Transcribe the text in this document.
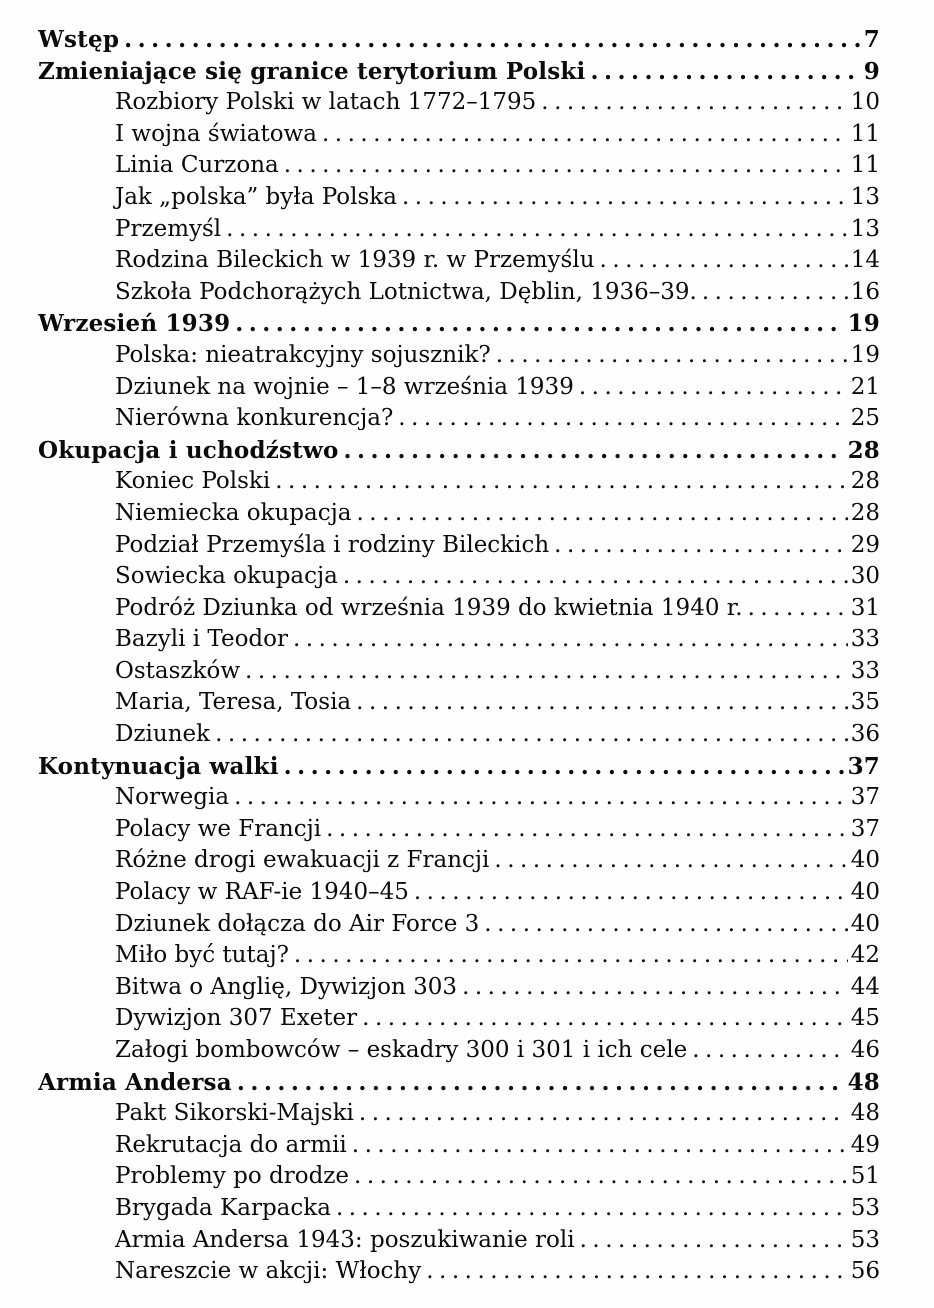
Wstęp .....	7
Zmieniające się granice terytorium Polski .....	9
Rozbiory Polski w latach 1772–1795 .....	10
I wojna światowa .....	11
Linia Curzona .....	11
Jak „polska” była Polska .....	13
Przemyśl .....	13
Rodzina Bileckich w 1939 r. w Przemyślu .....	14
Szkoła Podchorążych Lotnictwa, Dęblin, 1936–39. .....	16
Wrzesień 1939 .....	19
Polska: nieatrakcyjny sojusznik? .....	19
Dziunek na wojnie – 1–8 września 1939 .....	21
Nierówna konkurencja? .....	25
Okupacja i uchodźstwo .....	28
Koniec Polski .....	28
Niemiecka okupacja .....	28
Podział Przemyśla i rodziny Bileckich .....	29
Sowiecka okupacja .....	30
Podróż Dziunka od września 1939 do kwietnia 1940 r. .....	31
Bazyli i Teodor .....	33
Ostaszków .....	33
Maria, Teresa, Tosia .....	35
Dziunek .....	36
Kontynuacja walki .....	37
Norwegia .....	37
Polacy we Francji .....	37
Różne drogi ewakuacji z Francji .....	40
Polacy w RAF-ie 1940–45 .....	40
Dziunek dołącza do Air Force 3 .....	40
Miło być tutaj? .....	42
Bitwa o Anglię, Dywizjon 303 .....	44
Dywizjon 307 Exeter .....	45
Załogi bombowców – eskadry 300 i 301 i ich cele .....	46
Armia Andersa .....	48
Pakt Sikorski-Majski .....	48
Rekrutacja do armii .....	49
Problemy po drodze .....	51
Brygada Karpacka .....	53
Armia Andersa 1943: poszukiwanie roli .....	53
Nareszcie w akcji: Włochy .....	56
